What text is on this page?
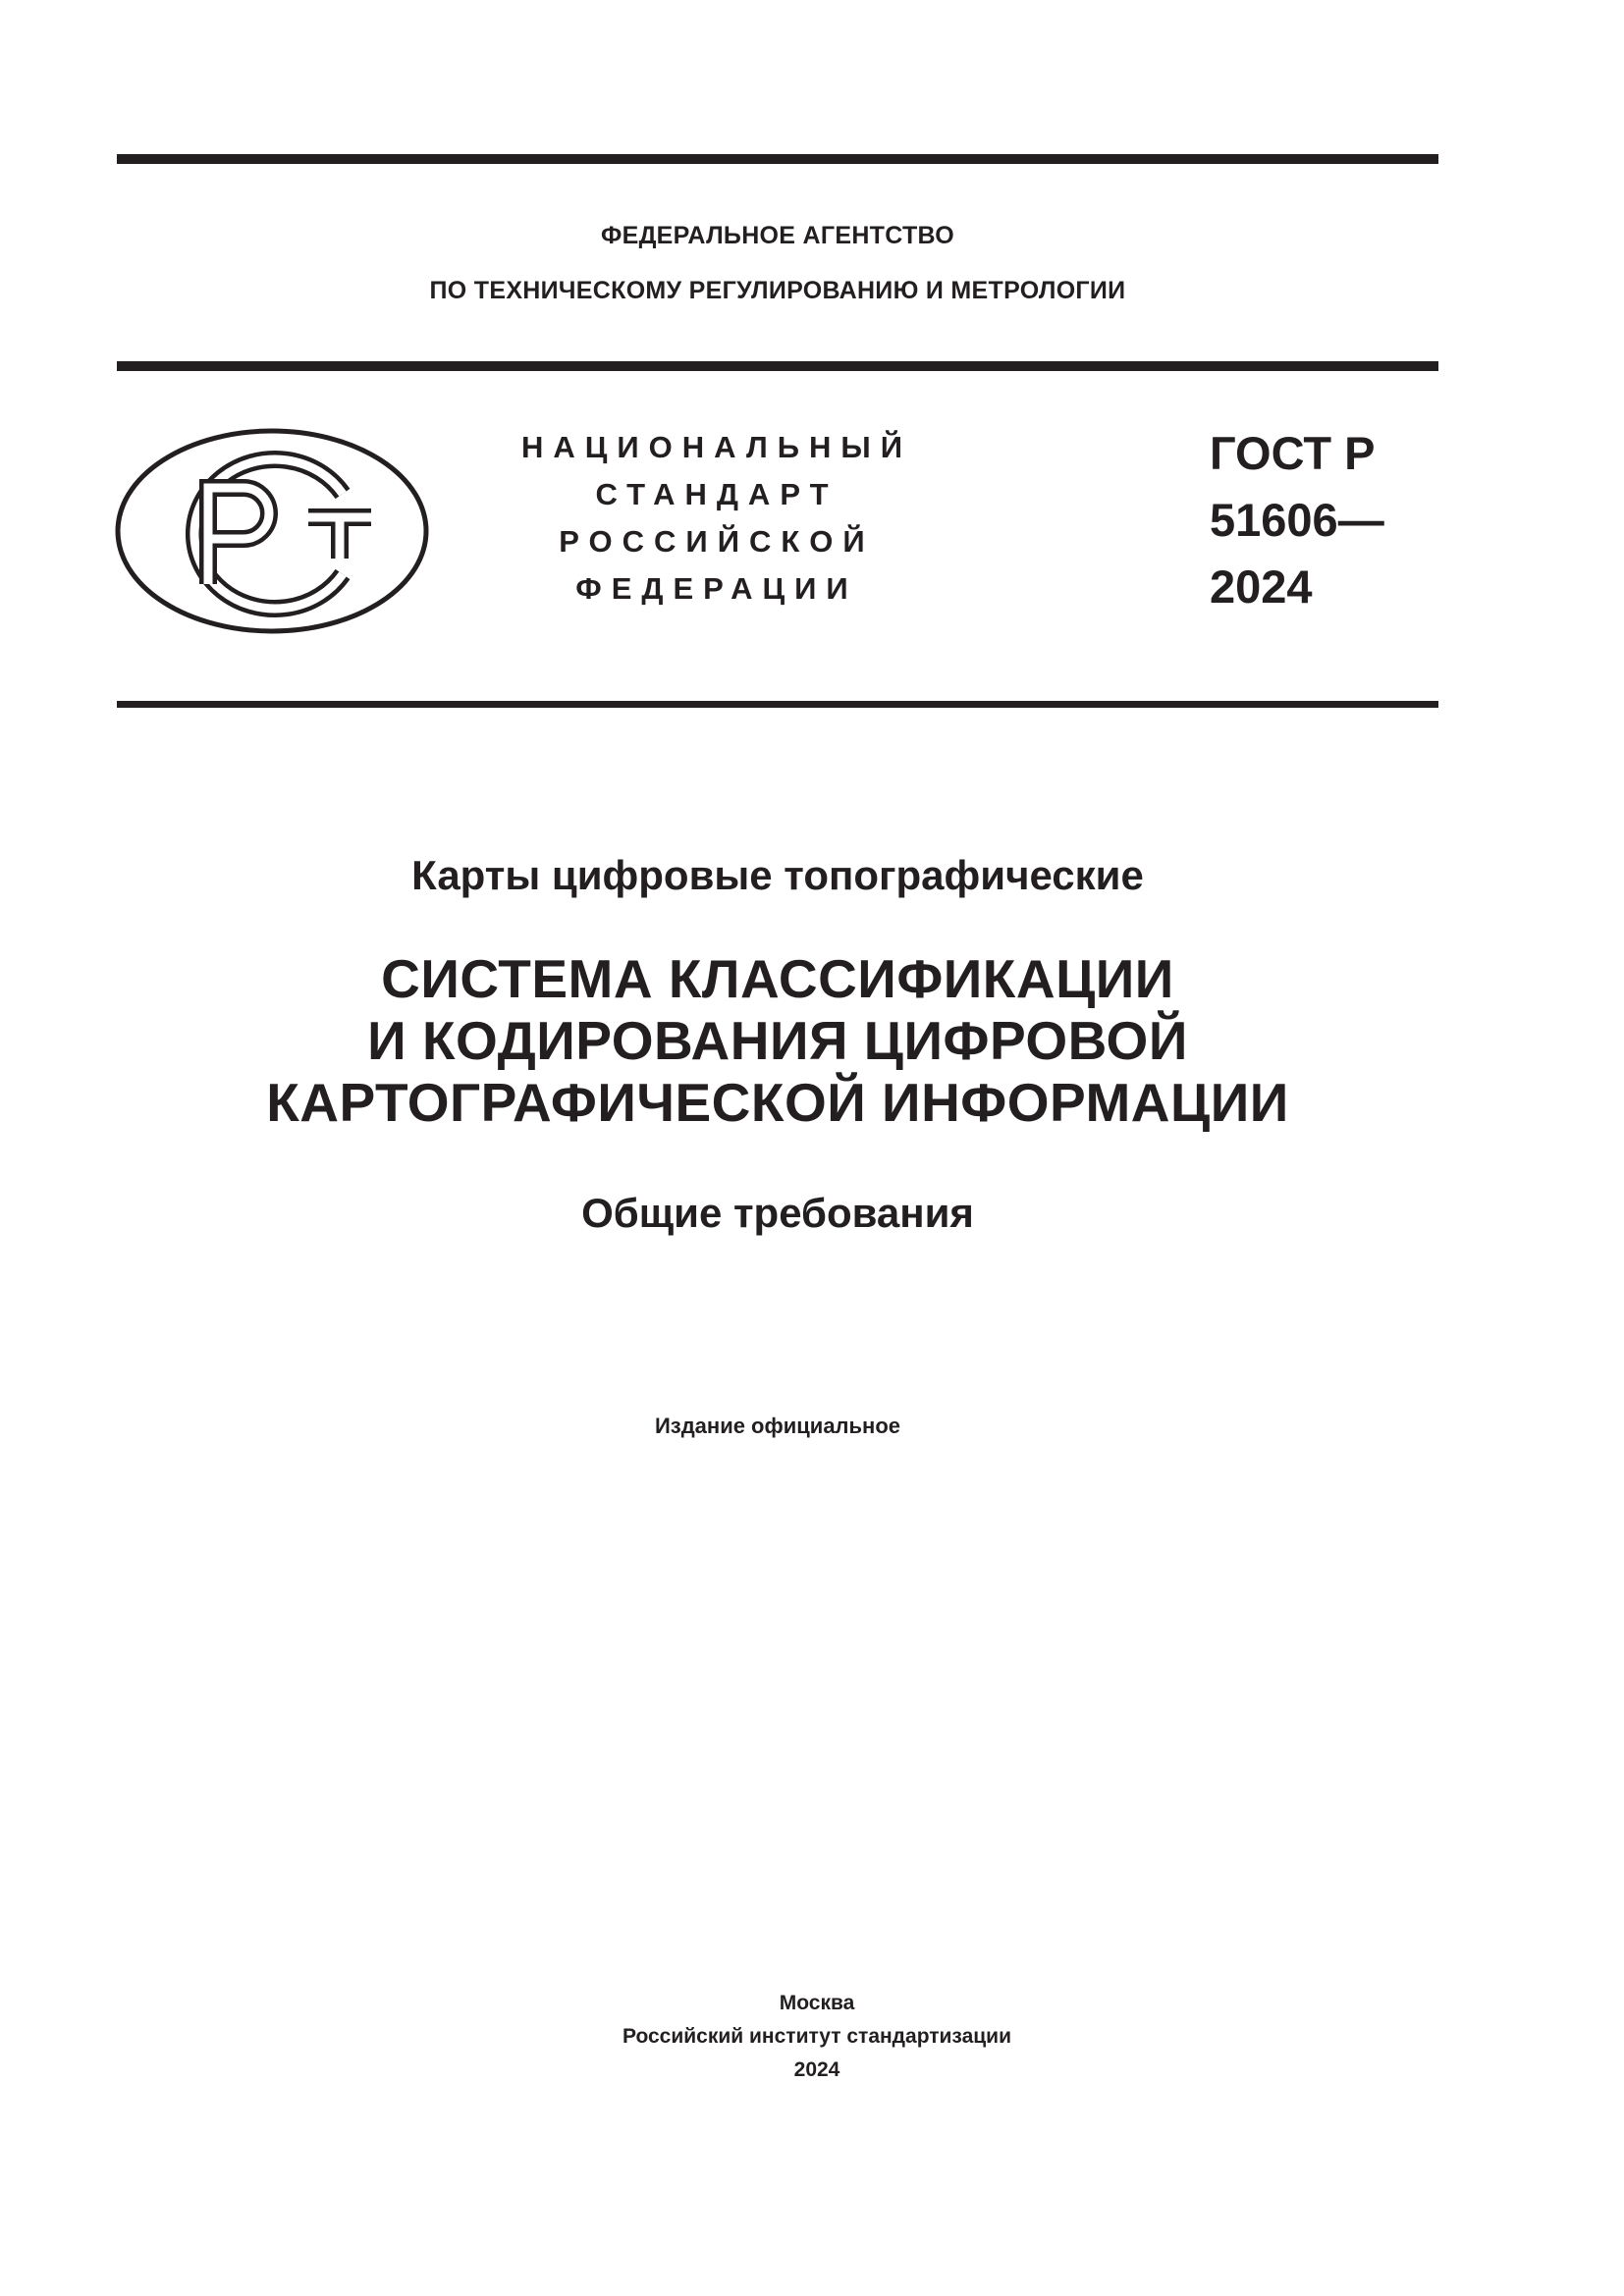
ФЕДЕРАЛЬНОЕ АГЕНТСТВО
ПО ТЕХНИЧЕСКОМУ РЕГУЛИРОВАНИЮ И МЕТРОЛОГИИ
НАЦИОНАЛЬНЫЙ
СТАНДАРТ
РОССИЙСКОЙ
ФЕДЕРАЦИИ
ГОСТ Р
51606—
2024
Карты цифровые топографические
СИСТЕМА КЛАССИФИКАЦИИ
И КОДИРОВАНИЯ ЦИФРОВОЙ
КАРТОГРАФИЧЕСКОЙ ИНФОРМАЦИИ
Общие требования
Издание официальное
Москва
Российский институт стандартизации
2024
